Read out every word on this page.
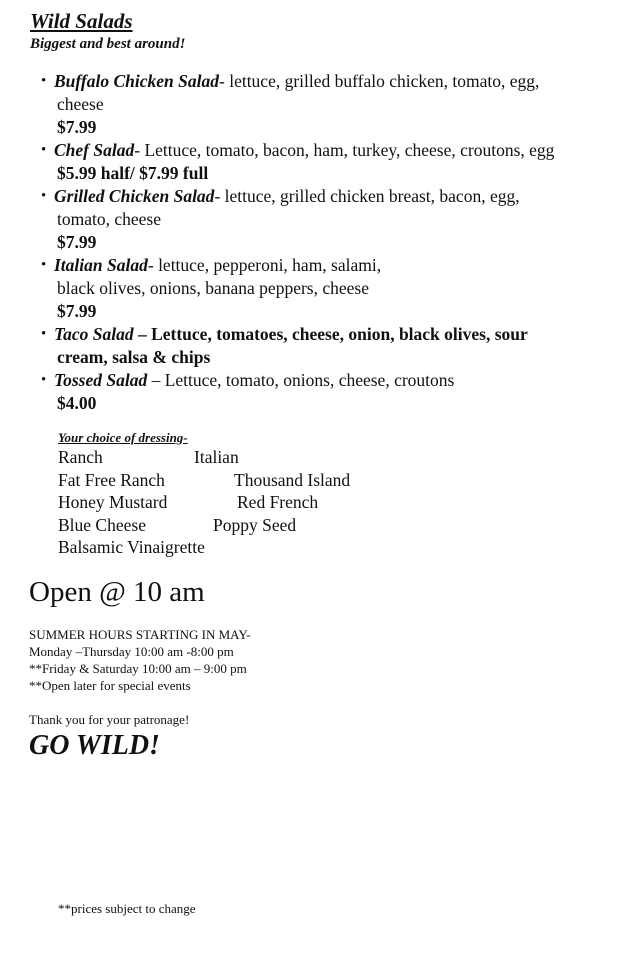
Wild Salads
Biggest and best around!
• Buffalo Chicken Salad- lettuce, grilled buffalo chicken, tomato, egg,
cheese
$7.99
• Chef Salad- Lettuce, tomato, bacon, ham, turkey, cheese, croutons, egg
$5.99 half/ $7.99 full
• Grilled Chicken Salad- lettuce, grilled chicken breast, bacon, egg,
tomato, cheese
$7.99
• Italian Salad- lettuce, pepperoni, ham, salami,
black olives, onions, banana peppers, cheese
$7.99
• Taco Salad – Lettuce, tomatoes, cheese, onion, black olives, sour
cream, salsa & chips
• Tossed Salad – Lettuce, tomato, onions, cheese, croutons
$4.00
Your choice of dressing-
Ranch	Italian
Fat Free Ranch	Thousand Island
Honey Mustard	Red French
Blue Cheese	Poppy Seed
Balsamic Vinaigrette
Open @ 10 am
SUMMER HOURS STARTING IN MAY-
Monday –Thursday 10:00 am -8:00 pm
**Friday & Saturday 10:00 am – 9:00 pm
**Open later for special events
Thank you for your patronage!
GO WILD!
**prices subject to change
